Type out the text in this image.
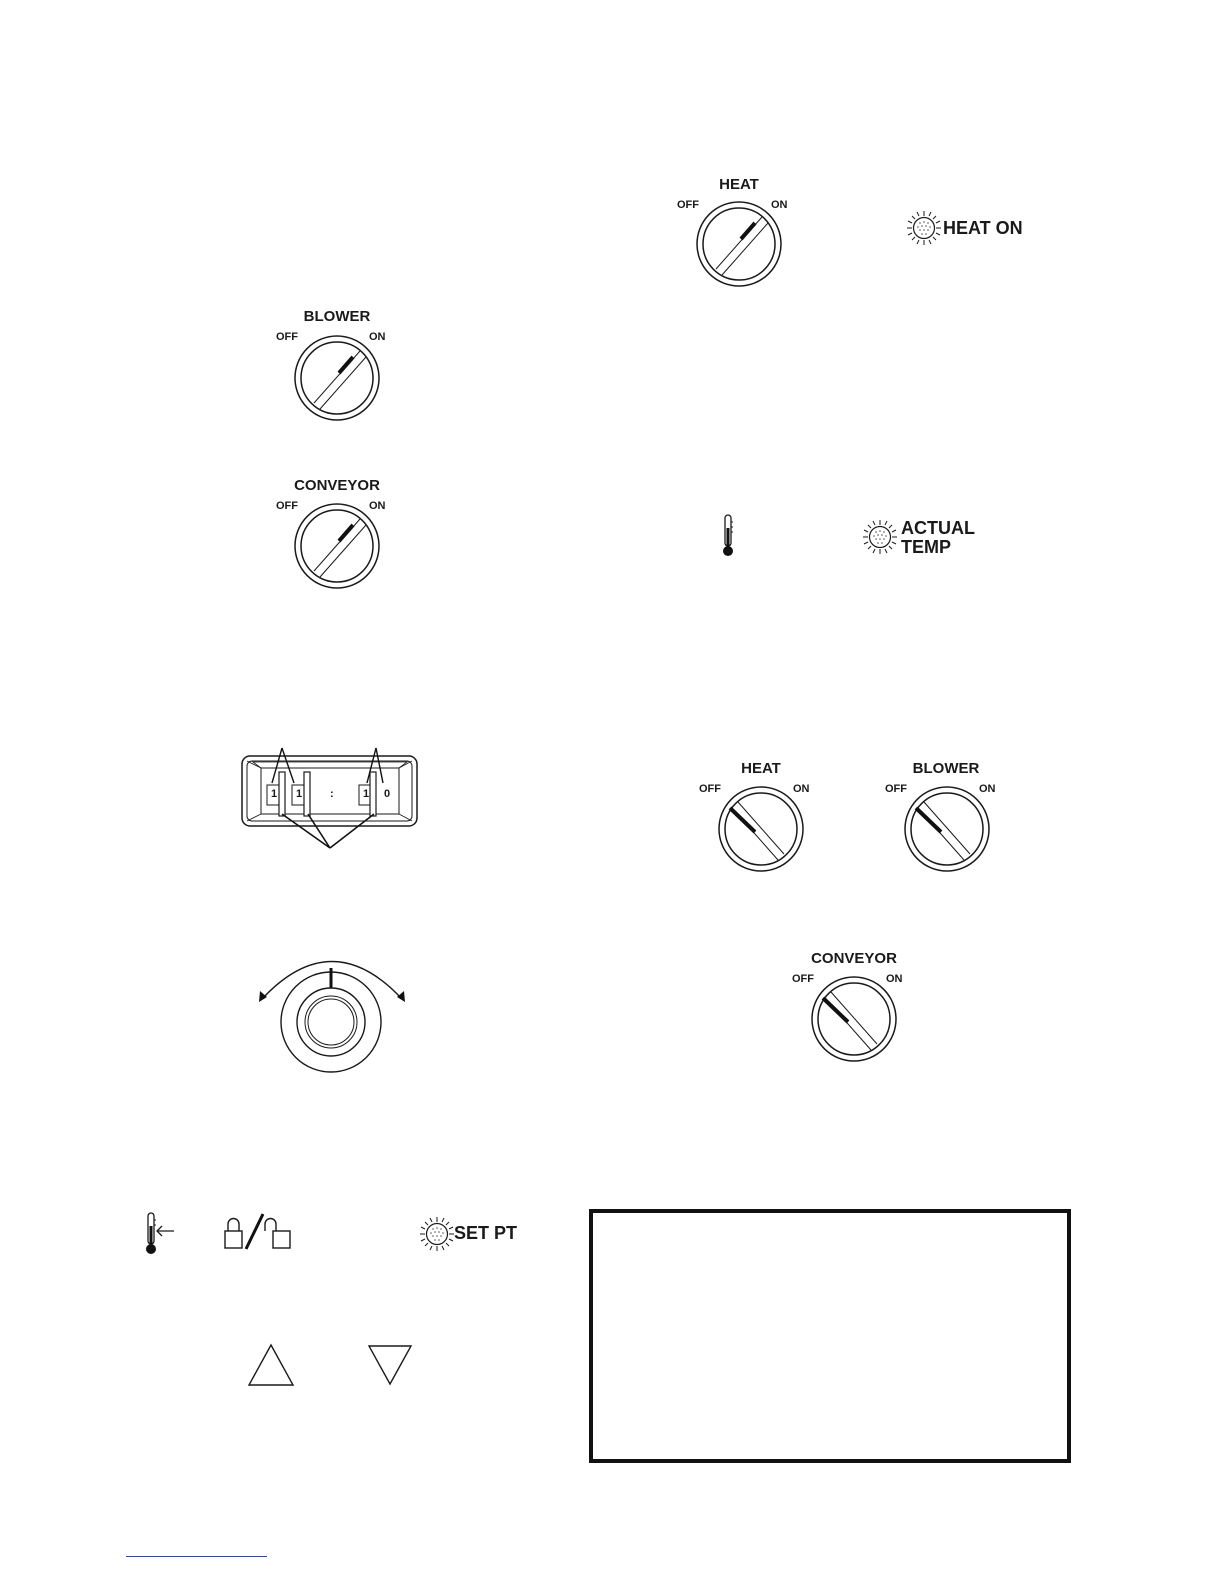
BLOWER
OFF	ON
CONVEYOR
OFF	ON
HEAT
OFF	ON
HEAT ON
ACTUAL
TEMP
1 1	:	1 0
HEAT
OFF	ON
BLOWER
OFF	ON
CONVEYOR
OFF	ON
SET PT
